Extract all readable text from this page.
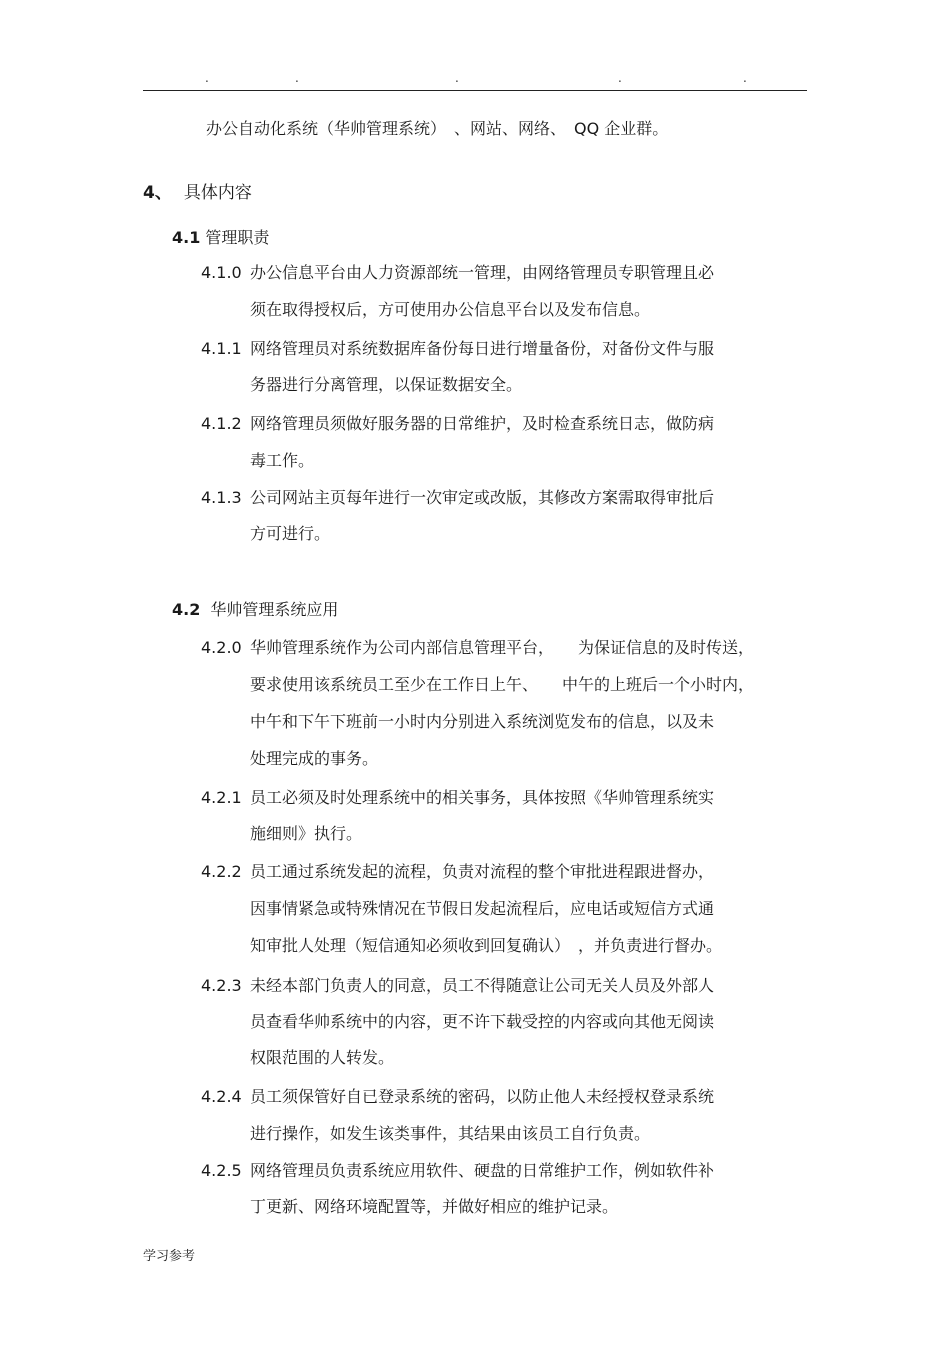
.	.	.	.	.
办公自动化系统（华帅管理系统）　、网站、网络、　QQ 企业群。
4、 具体内容
4.1 管理职责
4.1.0 办公信息平台由人力资源部统一管理，由网络管理员专职管理且必
须在取得授权后，方可使用办公信息平台以及发布信息。
4.1.1 网络管理员对系统数据库备份每日进行增量备份，对备份文件与服
务器进行分离管理，以保证数据安全。
4.1.2 网络管理员须做好服务器的日常维护，及时检查系统日志，做防病
毒工作。
4.1.3 公司网站主页每年进行一次审定或改版，其修改方案需取得审批后
方可进行。
4.2 华帅管理系统应用
4.2.0 华帅管理系统作为公司内部信息管理平台，　　为保证信息的及时传送，
要求使用该系统员工至少在工作日上午、　　中午的上班后一个小时内，
中午和下午下班前一小时内分别进入系统浏览发布的信息，以及未
处理完成的事务。
4.2.1 员工必须及时处理系统中的相关事务，具体按照《华帅管理系统实
施细则》执行。
4.2.2 员工通过系统发起的流程，负责对流程的整个审批进程跟进督办，
因事情紧急或特殊情况在节假日发起流程后，应电话或短信方式通
知审批人处理（短信通知必须收到回复确认）　，并负责进行督办。
4.2.3 未经本部门负责人的同意，员工不得随意让公司无关人员及外部人
员查看华帅系统中的内容，更不许下载受控的内容或向其他无阅读
权限范围的人转发。
4.2.4 员工须保管好自已登录系统的密码，以防止他人未经授权登录系统
进行操作，如发生该类事件，其结果由该员工自行负责。
4.2.5 网络管理员负责系统应用软件、硬盘的日常维护工作，例如软件补
丁更新、网络环境配置等，并做好相应的维护记录。
学习参考
